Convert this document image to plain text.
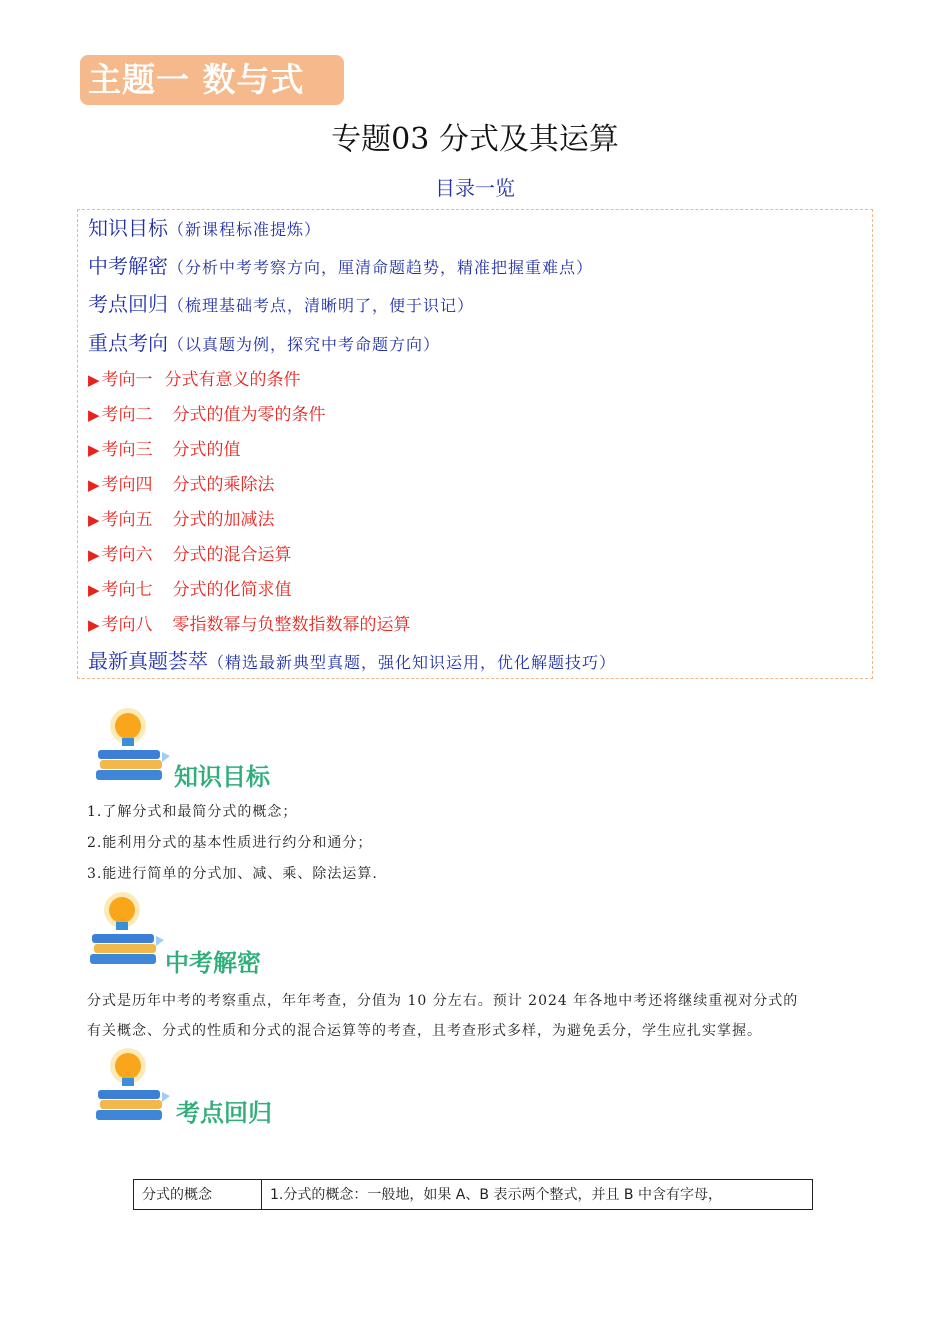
主题一 数与式
专题03 分式及其运算
目录一览
知识目标（新课程标准提炼）
中考解密（分析中考考察方向，厘清命题趋势，精准把握重难点）
考点回归（梳理基础考点，清晰明了，便于识记）
重点考向（以真题为例，探究中考命题方向）
▶ 考向一 分式有意义的条件
▶ 考向二 分式的值为零的条件
▶ 考向三 分式的值
▶ 考向四 分式的乘除法
▶ 考向五 分式的加减法
▶ 考向六 分式的混合运算
▶ 考向七 分式的化简求值
▶ 考向八 零指数幂与负整数指数幂的运算
最新真题荟萃（精选最新典型真题，强化知识运用，优化解题技巧）
知识目标
1.了解分式和最简分式的概念；
2.能利用分式的基本性质进行约分和通分；
3.能进行简单的分式加、减、乘、除法运算.
中考解密
分式是历年中考的考察重点，年年考查，分值为 10 分左右。预计 2024 年各地中考还将继续重视对分式的
有关概念、分式的性质和分式的混合运算等的考查，且考查形式多样，为避免丢分，学生应扎实掌握。
考点回归
分式的概念	1.分式的概念：一般地，如果 A、B 表示两个整式，并且 B 中含有字母，
